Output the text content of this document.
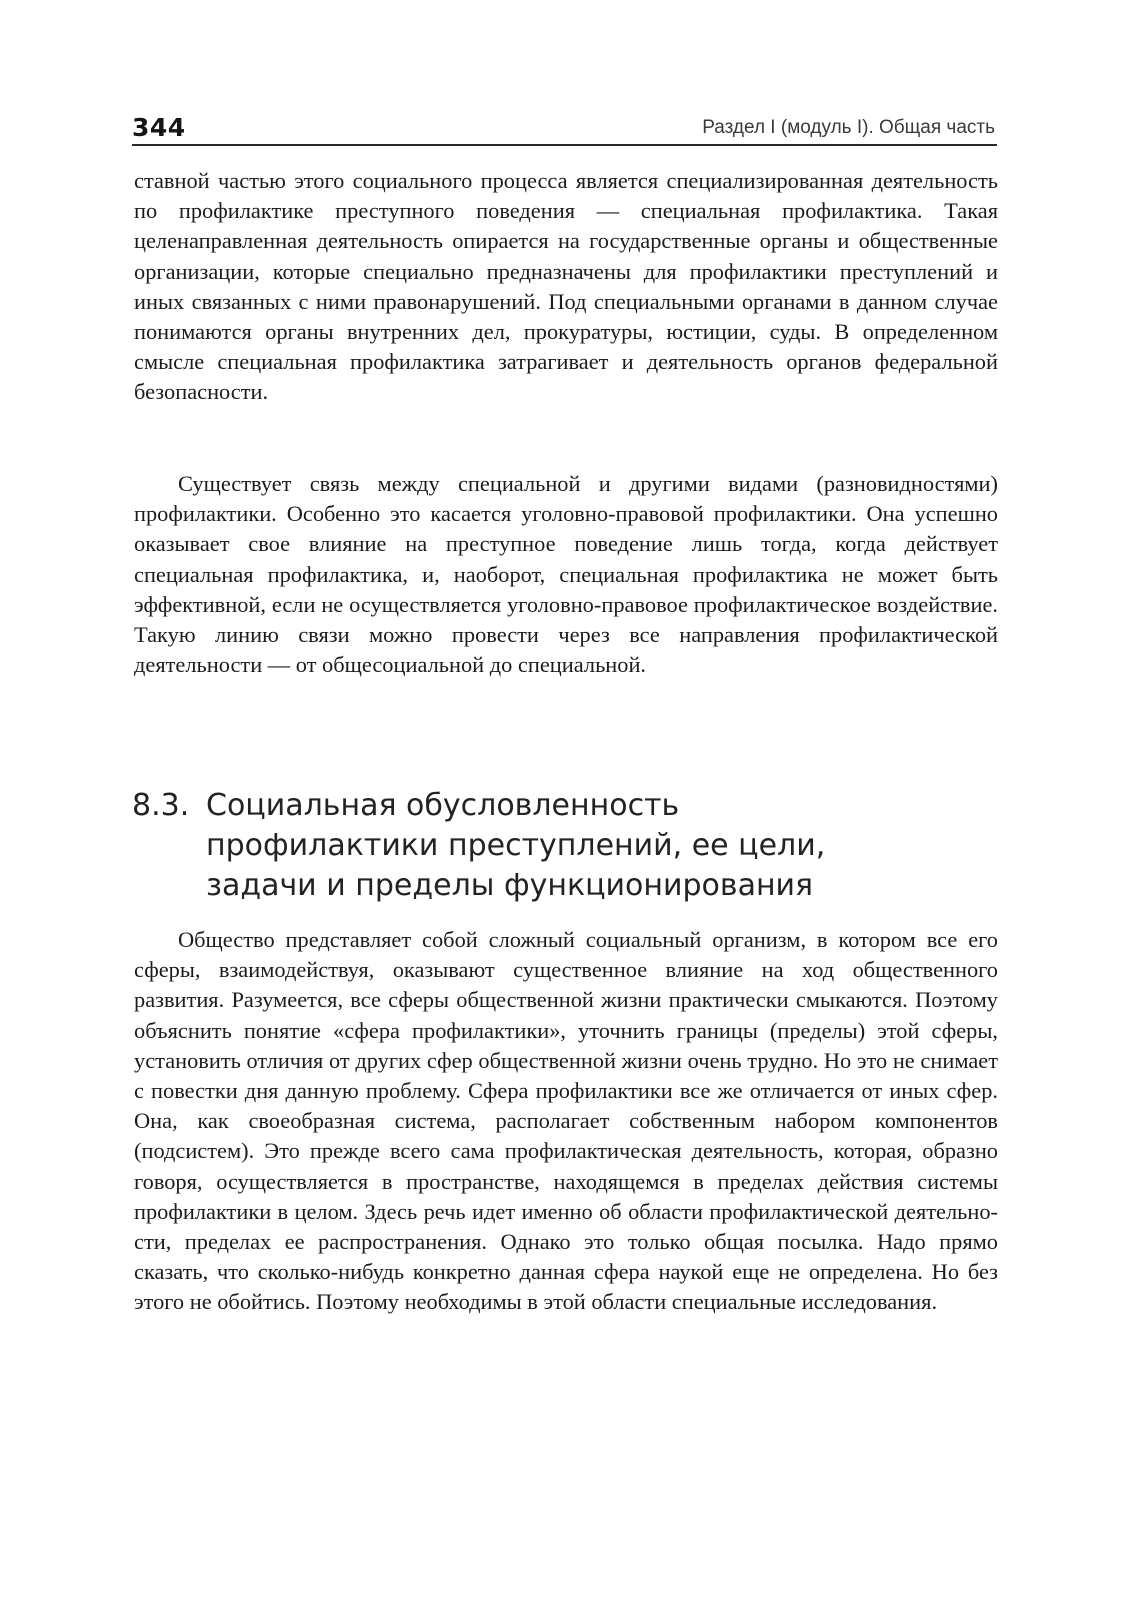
344	Раздел I (модуль I). Общая часть

ставной частью этого социального процесса является специализированная деятельность по профилактике преступного поведения — специальная профилактика. Такая целенаправленная деятельность опирается на государственные органы и общественные организации, которые специально предназначены для профилактики преступлений и иных связанных с ними правонарушений. Под специальными органами в данном случае понимаются органы внутренних дел, прокуратуры, юстиции, суды. В определенном смысле специальная профилактика затрагивает и деятельность органов федеральной безопасности.

Существует связь между специальной и другими видами (разновидностями) профилактики. Особенно это касается уголовно-правовой профилактики. Она успешно оказывает свое влияние на преступное поведение лишь тогда, когда действует специальная профилактика, и, наоборот, специальная профилактика не может быть эффективной, если не осуществляется уголовно-правовое профилактическое воздействие. Такую линию связи можно провести через все направления профилактической деятельности — от общесоциальной до специальной.

8.3. Социальная обусловленность
профилактики преступлений, ее цели,
задачи и пределы функционирования

Общество представляет собой сложный социальный организм, в котором все его сферы, взаимодействуя, оказывают существенное влияние на ход общественного развития. Разумеется, все сферы общественной жизни практически смыкаются. Поэтому объяснить понятие «сфера профилактики», уточнить границы (пределы) этой сферы, установить отличия от других сфер общественной жизни очень трудно. Но это не снимает с повестки дня данную проблему. Сфера профилактики все же отличается от иных сфер. Она, как своеобразная система, располагает собственным набором компонентов (подсистем). Это прежде всего сама профилактическая деятельность, которая, образно говоря, осуществляется в пространстве, находящемся в пределах действия системы профилактики в целом. Здесь речь идет именно об области профилактической деятельности, пределах ее распространения. Однако это только общая посылка. Надо прямо сказать, что сколько-нибудь конкретно данная сфера наукой еще не определена. Но без этого не обойтись. Поэтому необходимы в этой области специальные исследования.
